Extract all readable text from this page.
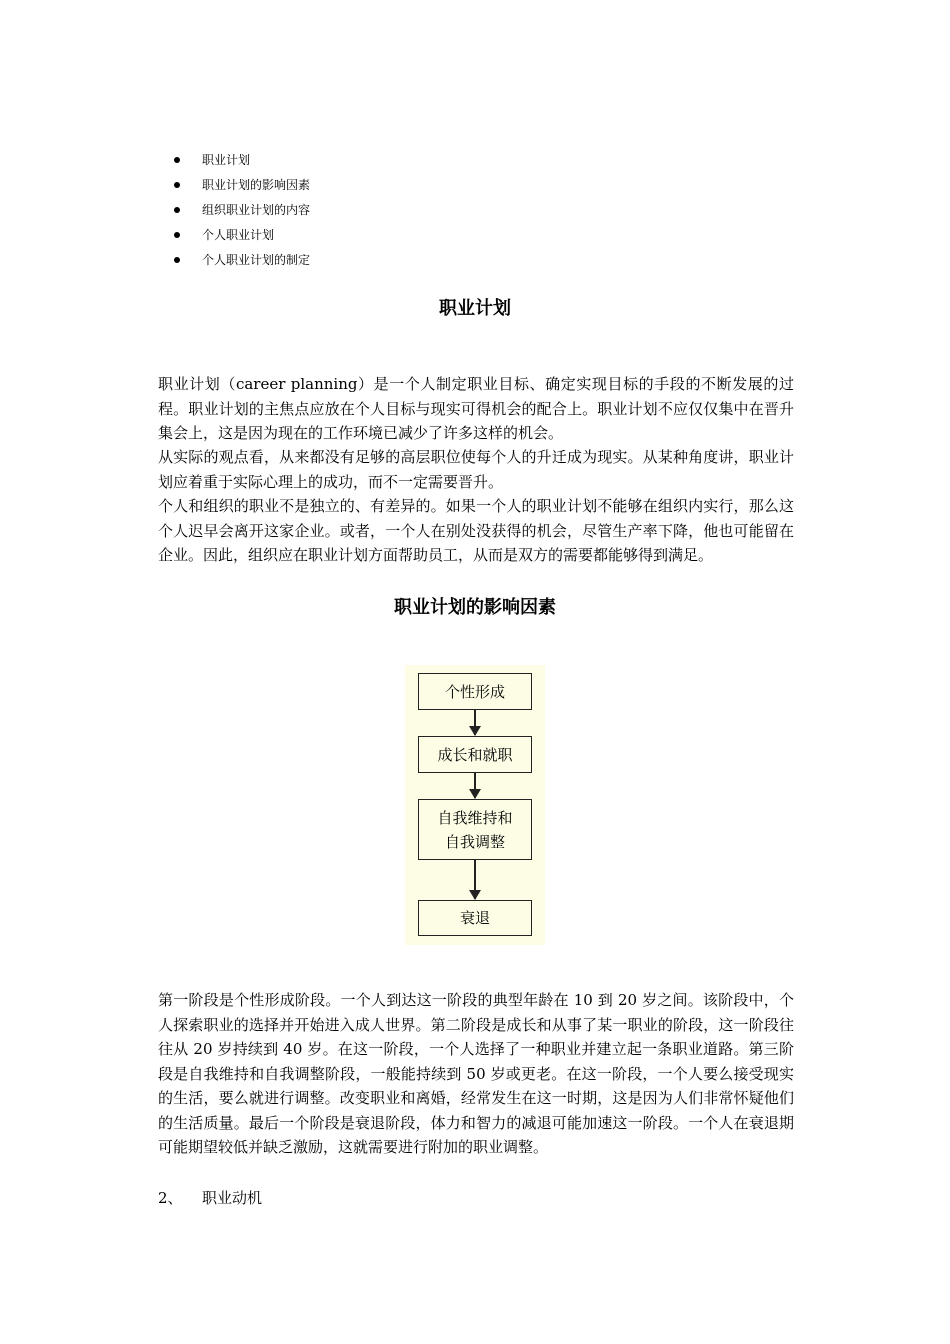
职业计划
职业计划的影响因素
组织职业计划的内容
个人职业计划
个人职业计划的制定
职业计划

职业计划（career planning）是一个人制定职业目标、确定实现目标的手段的不断发展的过程。职业计划的主焦点应放在个人目标与现实可得机会的配合上。职业计划不应仅仅集中在晋升集会上，这是因为现在的工作环境已减少了许多这样的机会。

从实际的观点看，从来都没有足够的高层职位使每个人的升迁成为现实。从某种角度讲，职业计划应着重于实际心理上的成功，而不一定需要晋升。

个人和组织的职业不是独立的、有差异的。如果一个人的职业计划不能够在组织内实行，那么这个人迟早会离开这家企业。或者，一个人在别处没获得的机会，尽管生产率下降，他也可能留在企业。因此，组织应在职业计划方面帮助员工，从而是双方的需要都能够得到满足。

职业计划的影响因素
个性形成
成长和就职
自我维持和
自我调整
衰退

第一阶段是个性形成阶段。一个人到达这一阶段的典型年龄在 10 到 20 岁之间。该阶段中，个人探索职业的选择并开始进入成人世界。第二阶段是成长和从事了某一职业的阶段，这一阶段往往从 20 岁持续到 40 岁。在这一阶段，一个人选择了一种职业并建立起一条职业道路。第三阶段是自我维持和自我调整阶段，一般能持续到 50 岁或更老。在这一阶段，一个人要么接受现实的生活，要么就进行调整。改变职业和离婚，经常发生在这一时期，这是因为人们非常怀疑他们的生活质量。最后一个阶段是衰退阶段，体力和智力的减退可能加速这一阶段。一个人在衰退期可能期望较低并缺乏激励，这就需要进行附加的职业调整。

2、 职业动机
